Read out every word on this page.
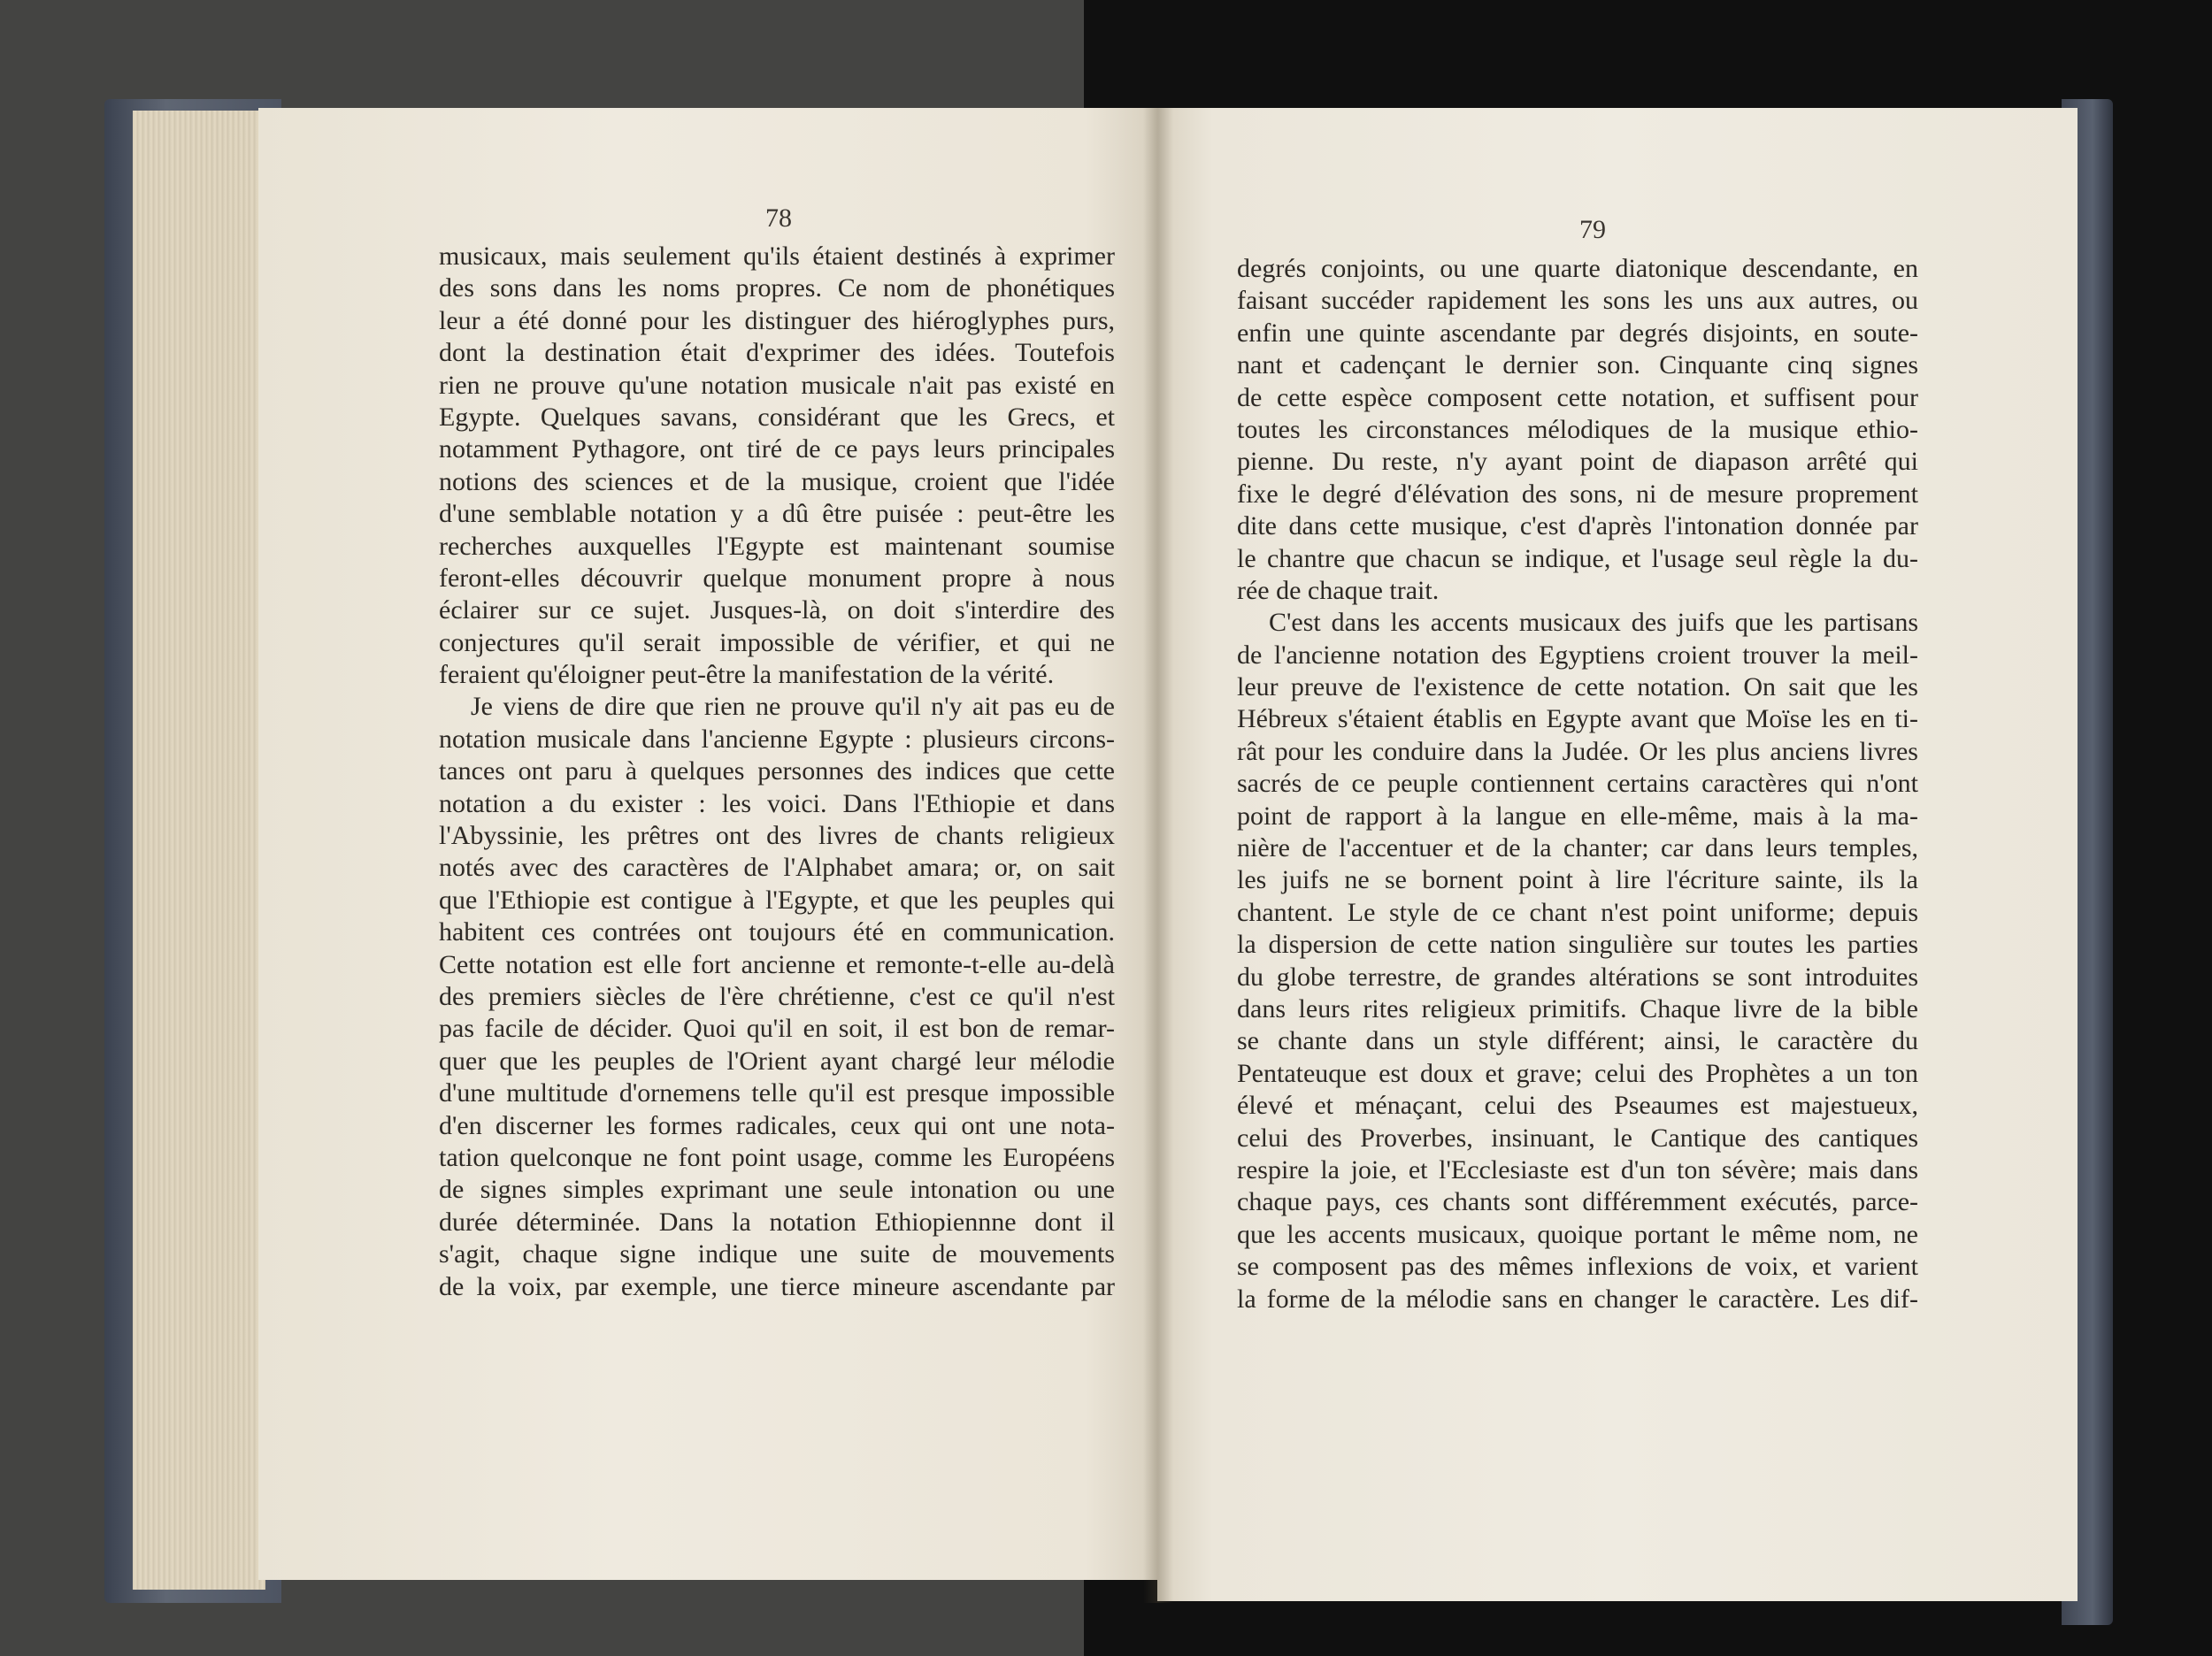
78	79
musicaux, mais seulement qu'ils étaient destinés à exprimer
des sons dans les noms propres. Ce nom de phonétiques
leur a été donné pour les distinguer des hiéroglyphes purs,
dont la destination était d'exprimer des idées. Toutefois
rien ne prouve qu'une notation musicale n'ait pas existé en
Egypte. Quelques savans, considérant que les Grecs, et
notamment Pythagore, ont tiré de ce pays leurs principales
notions des sciences et de la musique, croient que l'idée
d'une semblable notation y a dû être puisée : peut-être les
recherches auxquelles l'Egypte est maintenant soumise
feront-elles découvrir quelque monument propre à nous
éclairer sur ce sujet. Jusques-là, on doit s'interdire des
conjectures qu'il serait impossible de vérifier, et qui ne
feraient qu'éloigner peut-être la manifestation de la vérité.
Je viens de dire que rien ne prouve qu'il n'y ait pas eu de
notation musicale dans l'ancienne Egypte : plusieurs circons-
tances ont paru à quelques personnes des indices que cette
notation a du exister : les voici. Dans l'Ethiopie et dans
l'Abyssinie, les prêtres ont des livres de chants religieux
notés avec des caractères de l'Alphabet amara; or, on sait
que l'Ethiopie est contigue à l'Egypte, et que les peuples qui
habitent ces contrées ont toujours été en communication.
Cette notation est elle fort ancienne et remonte-t-elle au-delà
des premiers siècles de l'ère chrétienne, c'est ce qu'il n'est
pas facile de décider. Quoi qu'il en soit, il est bon de remar-
quer que les peuples de l'Orient ayant chargé leur mélodie
d'une multitude d'ornemens telle qu'il est presque impossible
d'en discerner les formes radicales, ceux qui ont une nota-
tation quelconque ne font point usage, comme les Européens
de signes simples exprimant une seule intonation ou une
durée déterminée. Dans la notation Ethiopiennne dont il
s'agit, chaque signe indique une suite de mouvements
de la voix, par exemple, une tierce mineure ascendante par
degrés conjoints, ou une quarte diatonique descendante, en
faisant succéder rapidement les sons les uns aux autres, ou
enfin une quinte ascendante par degrés disjoints, en soute-
nant et cadençant le dernier son. Cinquante cinq signes
de cette espèce composent cette notation, et suffisent pour
toutes les circonstances mélodiques de la musique ethio-
pienne. Du reste, n'y ayant point de diapason arrêté qui
fixe le degré d'élévation des sons, ni de mesure proprement
dite dans cette musique, c'est d'après l'intonation donnée par
le chantre que chacun se indique, et l'usage seul règle la du-
rée de chaque trait.
C'est dans les accents musicaux des juifs que les partisans
de l'ancienne notation des Egyptiens croient trouver la meil-
leur preuve de l'existence de cette notation. On sait que les
Hébreux s'étaient établis en Egypte avant que Moïse les en ti-
rât pour les conduire dans la Judée. Or les plus anciens livres
sacrés de ce peuple contiennent certains caractères qui n'ont
point de rapport à la langue en elle-même, mais à la ma-
nière de l'accentuer et de la chanter; car dans leurs temples,
les juifs ne se bornent point à lire l'écriture sainte, ils la
chantent. Le style de ce chant n'est point uniforme; depuis
la dispersion de cette nation singulière sur toutes les parties
du globe terrestre, de grandes altérations se sont introduites
dans leurs rites religieux primitifs. Chaque livre de la bible
se chante dans un style différent; ainsi, le caractère du
Pentateuque est doux et grave; celui des Prophètes a un ton
élevé et ménaçant, celui des Pseaumes est majestueux,
celui des Proverbes, insinuant, le Cantique des cantiques
respire la joie, et l'Ecclesiaste est d'un ton sévère; mais dans
chaque pays, ces chants sont différemment exécutés, parce-
que les accents musicaux, quoique portant le même nom, ne
se composent pas des mêmes inflexions de voix, et varient
la forme de la mélodie sans en changer le caractère. Les dif-
